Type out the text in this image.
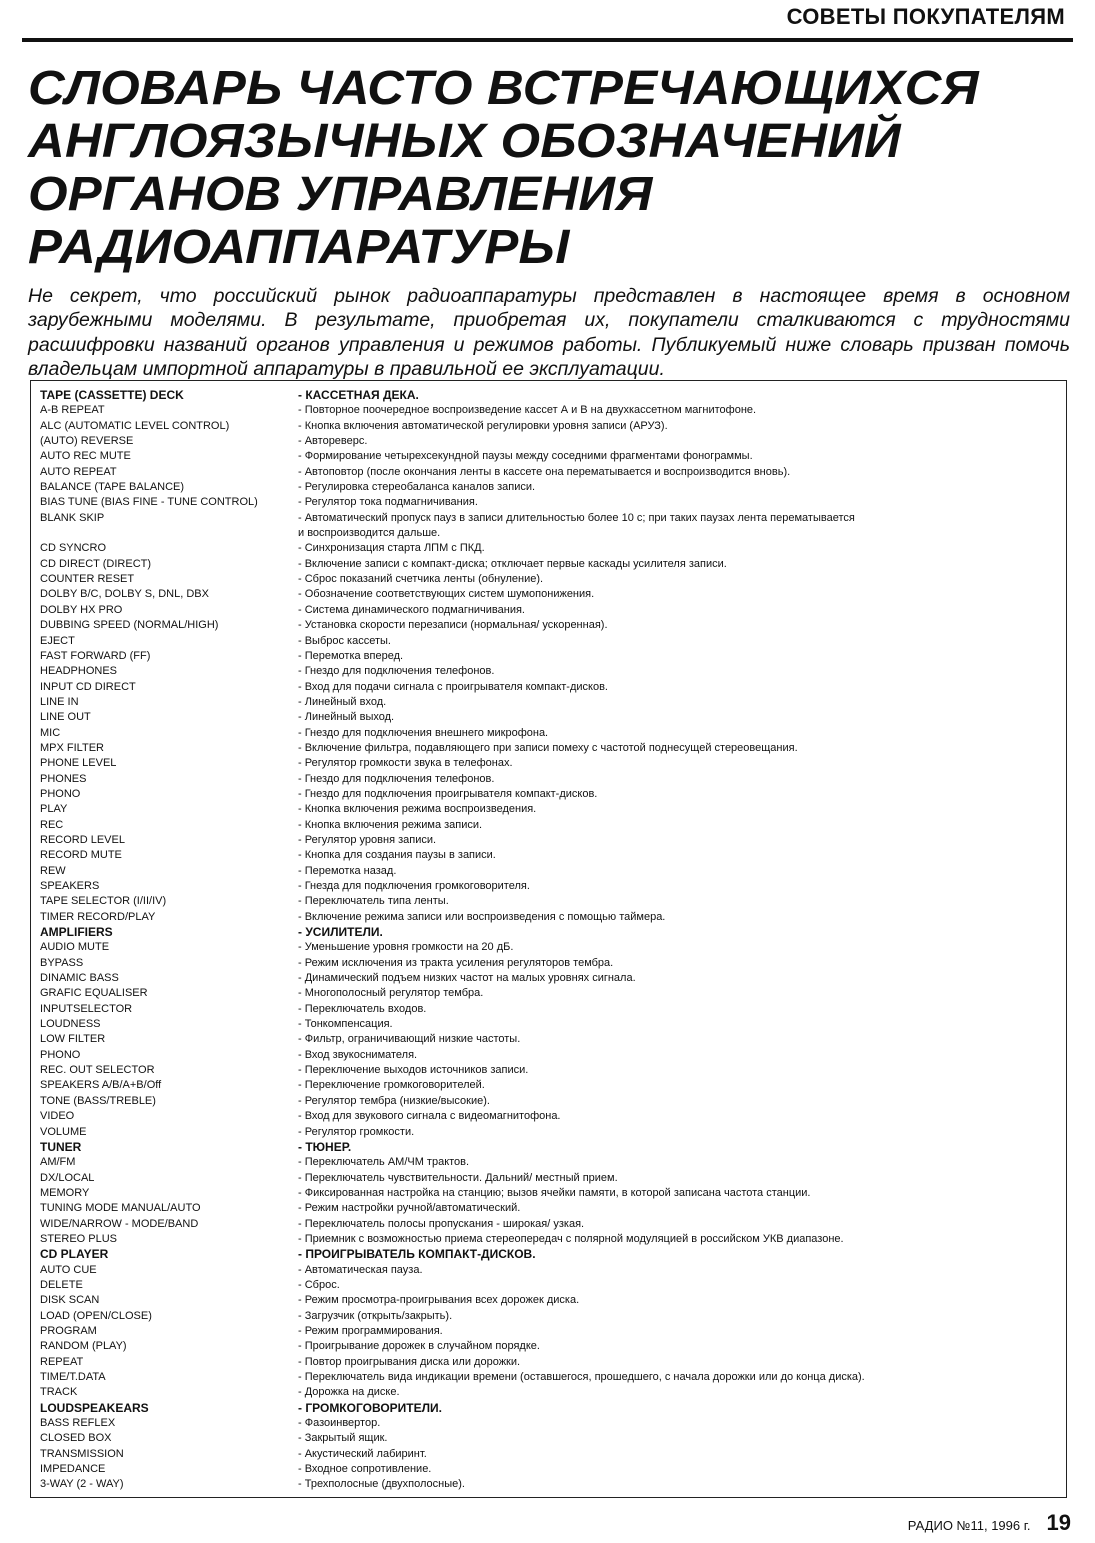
СОВЕТЫ ПОКУПАТЕЛЯМ
СЛОВАРЬ ЧАСТО ВСТРЕЧАЮЩИХСЯ
АНГЛОЯЗЫЧНЫХ ОБОЗНАЧЕНИЙ
ОРГАНОВ УПРАВЛЕНИЯ
РАДИОАППАРАТУРЫ

Не секрет, что российский рынок радиоаппаратуры представлен в настоящее время в основном зарубежными моделями. В результате, приобретая их, покупатели сталкиваются с трудностями расшифровки названий органов управления и режимов работы. Публикуемый ниже словарь призван помочь владельцам импортной аппаратуры в правильной ее эксплуатации.

TAPE (CASSETTE) DECK	- КАССЕТНАЯ ДЕКА.
A-B REPEAT	- Повторное поочередное воспроизведение кассет А и В на двухкассетном магнитофоне.
ALC (AUTOMATIC LEVEL CONTROL)	- Кнопка включения автоматической регулировки уровня записи (АРУЗ).
(AUTO) REVERSE	- Автореверс.
AUTO REC MUTE	- Формирование четырехсекундной паузы между соседними фрагментами фонограммы.
AUTO REPEAT	- Автоповтор (после окончания ленты в кассете она перематывается и воспроизводится вновь).
BALANCE (TAPE BALANCE)	- Регулировка стереобаланса каналов записи.
BIAS TUNE (BIAS FINE - TUNE CONTROL)	- Регулятор тока подмагничивания.
BLANK SKIP	- Автоматический пропуск пауз в записи длительностью более 10 с; при таких паузах лента перематывается
и воспроизводится дальше.
CD SYNCRO	- Синхронизация старта ЛПМ с ПКД.
CD DIRECT (DIRECT)	- Включение записи с компакт-диска; отключает первые каскады усилителя записи.
COUNTER RESET	- Сброс показаний счетчика ленты (обнуление).
DOLBY B/C, DOLBY S, DNL, DBX	- Обозначение соответствующих систем шумопонижения.
DOLBY HX PRO	- Система динамического подмагничивания.
DUBBING SPEED (NORMAL/HIGH)	- Установка скорости перезаписи (нормальная/ ускоренная).
EJECT	- Выброс кассеты.
FAST FORWARD (FF)	- Перемотка вперед.
HEADPHONES	- Гнездо для подключения телефонов.
INPUT CD DIRECT	- Вход для подачи сигнала с проигрывателя компакт-дисков.
LINE IN	- Линейный вход.
LINE OUT	- Линейный выход.
MIC	- Гнездо для подключения внешнего микрофона.
MPX FILTER	- Включение фильтра, подавляющего при записи помеху с частотой поднесущей стереовещания.
PHONE LEVEL	- Регулятор громкости звука в телефонах.
PHONES	- Гнездо для подключения телефонов.
PHONO	- Гнездо для подключения проигрывателя компакт-дисков.
PLAY	- Кнопка включения режима воспроизведения.
REC	- Кнопка включения режима записи.
RECORD LEVEL	- Регулятор уровня записи.
RECORD MUTE	- Кнопка для создания паузы в записи.
REW	- Перемотка назад.
SPEAKERS	- Гнезда для подключения громкоговорителя.
TAPE SELECTOR (I/II/IV)	- Переключатель типа ленты.
TIMER RECORD/PLAY	- Включение режима записи или воспроизведения с помощью таймера.
AMPLIFIERS	- УСИЛИТЕЛИ.
AUDIO MUTE	- Уменьшение уровня громкости на 20 дБ.
BYPASS	- Режим исключения из тракта усиления регуляторов тембра.
DINAMIC BASS	- Динамический подъем низких частот на малых уровнях сигнала.
GRAFIC EQUALISER	- Многополосный регулятор тембра.
INPUTSELECTOR	- Переключатель входов.
LOUDNESS	- Тонкомпенсация.
LOW FILTER	- Фильтр, ограничивающий низкие частоты.
PHONO	- Вход звукоснимателя.
REC. OUT SELECTOR	- Переключение выходов источников записи.
SPEAKERS A/B/A+B/Off	- Переключение громкоговорителей.
TONE (BASS/TREBLE)	- Регулятор тембра (низкие/высокие).
VIDEO	- Вход для звукового сигнала с видеомагнитофона.
VOLUME	- Регулятор громкости.
TUNER	- ТЮНЕР.
AM/FM	- Переключатель АМ/ЧМ трактов.
DX/LOCAL	- Переключатель чувствительности. Дальний/ местный прием.
MEMORY	- Фиксированная настройка на станцию; вызов ячейки памяти, в которой записана частота станции.
TUNING MODE MANUAL/AUTO	- Режим настройки ручной/автоматический.
WIDE/NARROW - MODE/BAND	- Переключатель полосы пропускания - широкая/ узкая.
STEREO PLUS	- Приемник с возможностью приема стереопередач с полярной модуляцией в российском УКВ диапазоне.
CD PLAYER	- ПРОИГРЫВАТЕЛЬ КОМПАКТ-ДИСКОВ.
AUTO CUE	- Автоматическая пауза.
DELETE	- Сброс.
DISK SCAN	- Режим просмотра-проигрывания всех дорожек диска.
LOAD (OPEN/CLOSE)	- Загрузчик (открыть/закрыть).
PROGRAM	- Режим программирования.
RANDOM (PLAY)	- Проигрывание дорожек в случайном порядке.
REPEAT	- Повтор проигрывания диска или дорожки.
TIME/T.DATA	- Переключатель вида индикации времени (оставшегося, прошедшего, с начала дорожки или до конца диска).
TRACK	- Дорожка на диске.
LOUDSPEAKEARS	- ГРОМКОГОВОРИТЕЛИ.
BASS REFLEX	- Фазоинвертор.
CLOSED BOX	- Закрытый ящик.
TRANSMISSION	- Акустический лабиринт.
IMPEDANCE	- Входное сопротивление.
3-WAY (2 - WAY)	- Трехполосные (двухполосные).
РАДИО №11, 1996 г. 19
